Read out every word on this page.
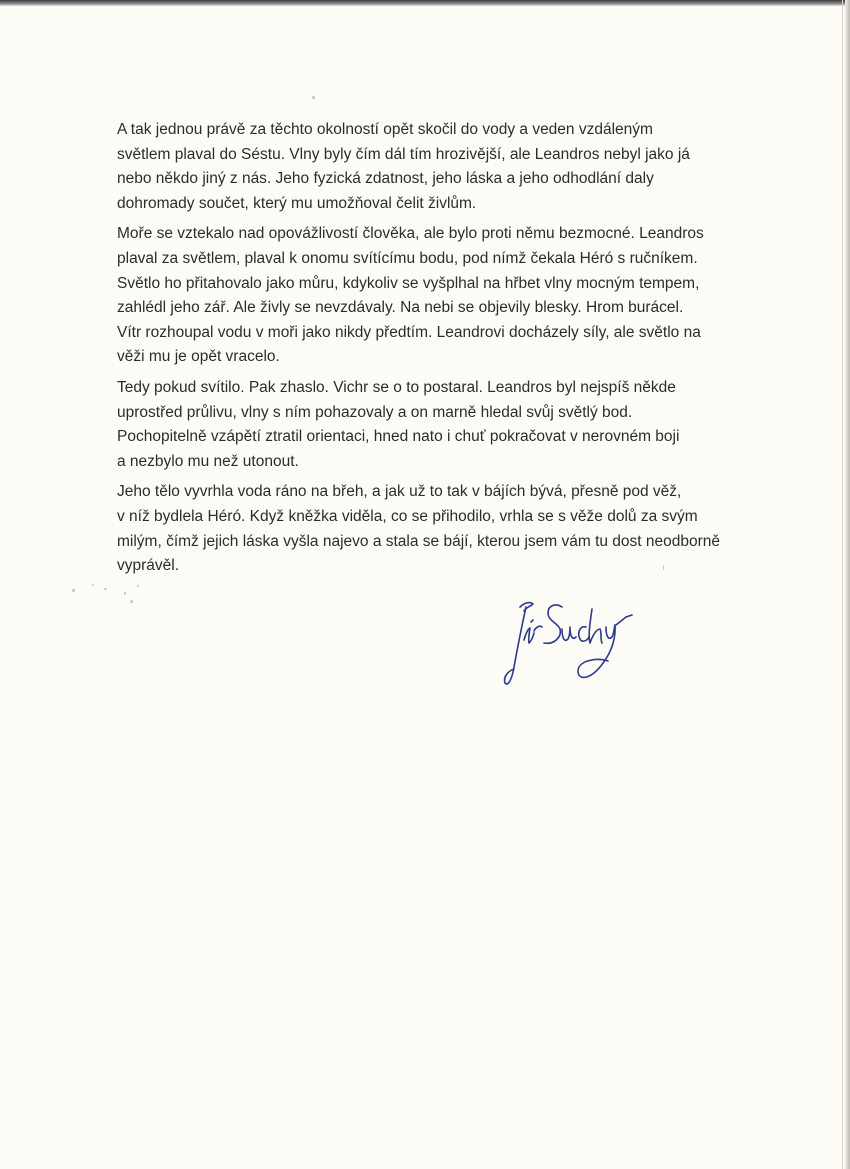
A tak jednou právě za těchto okolností opět skočil do vody a veden vzdáleným
světlem plaval do Séstu. Vlny byly čím dál tím hrozivější, ale Leandros nebyl jako já
nebo někdo jiný z nás. Jeho fyzická zdatnost, jeho láska a jeho odhodlání daly
dohromady součet, který mu umožňoval čelit živlům.

Moře se vztekalo nad opovážlivostí člověka, ale bylo proti němu bezmocné. Leandros
plaval za světlem, plaval k onomu svítícímu bodu, pod nímž čekala Héró s ručníkem.
Světlo ho přitahovalo jako můru, kdykoliv se vyšplhal na hřbet vlny mocným tempem,
zahlédl jeho zář. Ale živly se nevzdávaly. Na nebi se objevily blesky. Hrom burácel.
Vítr rozhoupal vodu v moři jako nikdy předtím. Leandrovi docházely síly, ale světlo na
věži mu je opět vracelo.

Tedy pokud svítilo. Pak zhaslo. Vichr se o to postaral. Leandros byl nejspíš někde
uprostřed průlivu, vlny s ním pohazovaly a on marně hledal svůj světlý bod.
Pochopitelně vzápětí ztratil orientaci, hned nato i chuť pokračovat v nerovném boji
a nezbylo mu než utonout.

Jeho tělo vyvrhla voda ráno na břeh, a jak už to tak v bájích bývá, přesně pod věž,
v níž bydlela Héró. Když kněžka viděla, co se přihodilo, vrhla se s věže dolů za svým
milým, čímž jejich láska vyšla najevo a stala se bájí, kterou jsem vám tu dost neodborně
vyprávěl.
